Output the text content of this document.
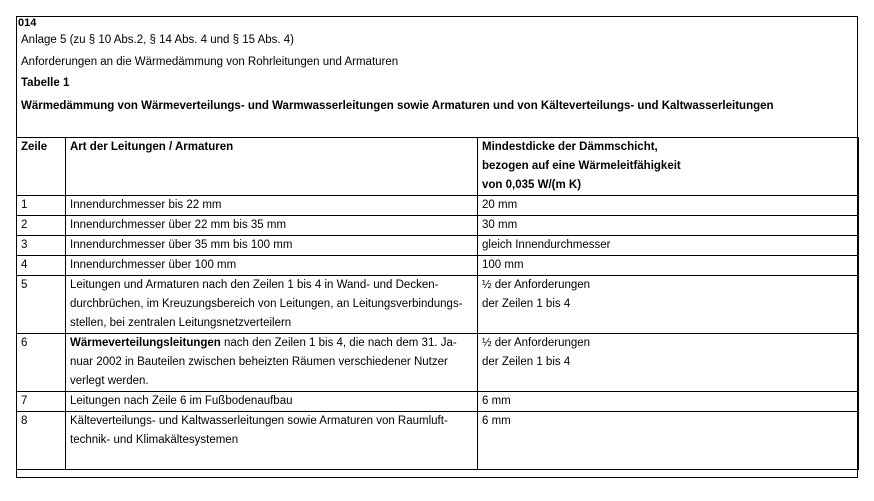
014
Anlage 5 (zu § 10 Abs.2, § 14 Abs. 4 und § 15 Abs. 4)
Anforderungen an die Wärmedämmung von Rohrleitungen und Armaturen
Tabelle 1
Wärmedämmung von Wärmeverteilungs- und Warmwasserleitungen sowie Armaturen und von Kälteverteilungs- und Kaltwasserleitungen
Zeile	Art der Leitungen / Armaturen	Mindestdicke der Dämmschicht,
bezogen auf eine Wärmeleitfähigkeit
von 0,035 W/(m K)

1	Innendurchmesser bis 22 mm	20 mm

2	Innendurchmesser über 22 mm bis 35 mm	30 mm

3	Innendurchmesser über 35 mm bis 100 mm	gleich Innendurchmesser

4	Innendurchmesser über 100 mm	100 mm

5	Leitungen und Armaturen nach den Zeilen 1 bis 4 in Wand- und Decken-
durchbrüchen, im Kreuzungsbereich von Leitungen, an Leitungsverbindungs-
stellen, bei zentralen Leitungsnetzverteilern	½ der Anforderungen
der Zeilen 1 bis 4

6	Wärmeverteilungsleitungen nach den Zeilen 1 bis 4, die nach dem 31. Ja-
nuar 2002 in Bauteilen zwischen beheizten Räumen verschiedener Nutzer
verlegt werden.	½ der Anforderungen
der Zeilen 1 bis 4

7	Leitungen nach Zeile 6 im Fußbodenaufbau	6 mm

8	Kälteverteilungs- und Kaltwasserleitungen sowie Armaturen von Raumluft-
technik- und Klimakältesystemen	6 mm
